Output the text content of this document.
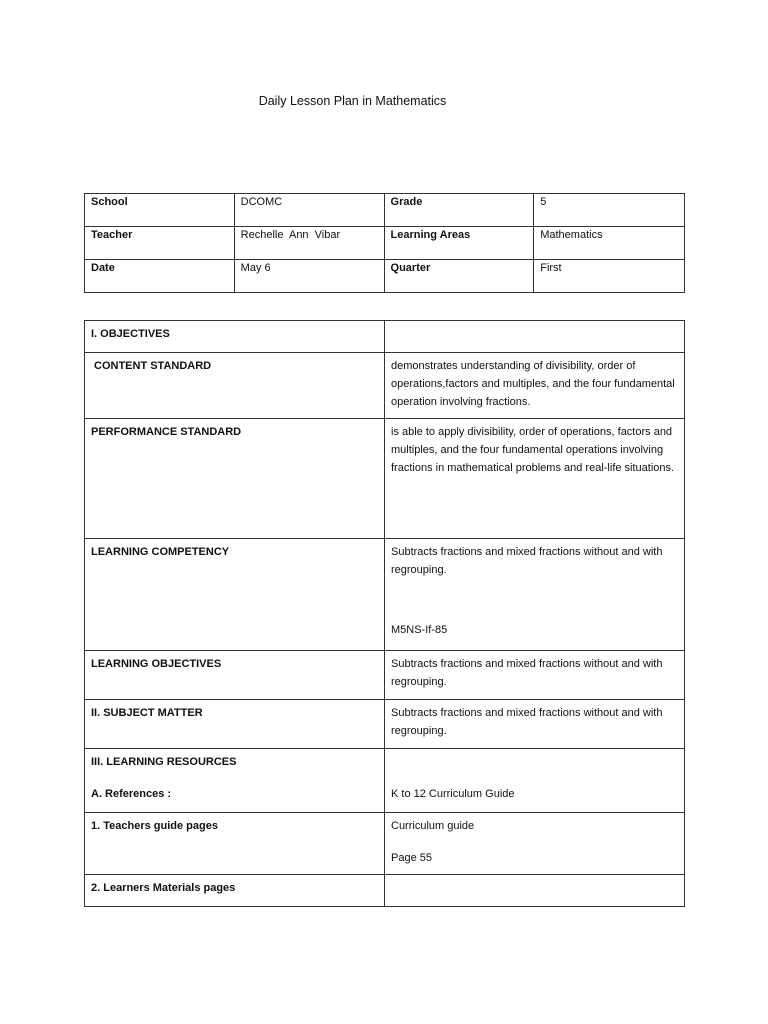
Daily Lesson Plan in Mathematics
School	DCOMC	Grade	5
Teacher	Rechelle  Ann  Vibar	Learning Areas	Mathematics
Date	May 6	Quarter	First
I. OBJECTIVES	
CONTENT STANDARD	demonstrates understanding of divisibility, order of operations,factors and multiples, and the four fundamental operation involving fractions.
PERFORMANCE STANDARD	is able to apply divisibility, order of operations, factors and multiples, and the four fundamental operations involving fractions in mathematical problems and real-life situations.
LEARNING COMPETENCY	Subtracts fractions and mixed fractions without and with regrouping.
M5NS-If-85

LEARNING OBJECTIVES	Subtracts fractions and mixed fractions without and with regrouping.
II. SUBJECT MATTER	Subtracts fractions and mixed fractions without and with regrouping.

III. LEARNING RESOURCES
A. References :	K to 12 Curriculum Guide

1. Teachers guide pages	Curriculum guide
Page 55

2. Learners Materials pages	
